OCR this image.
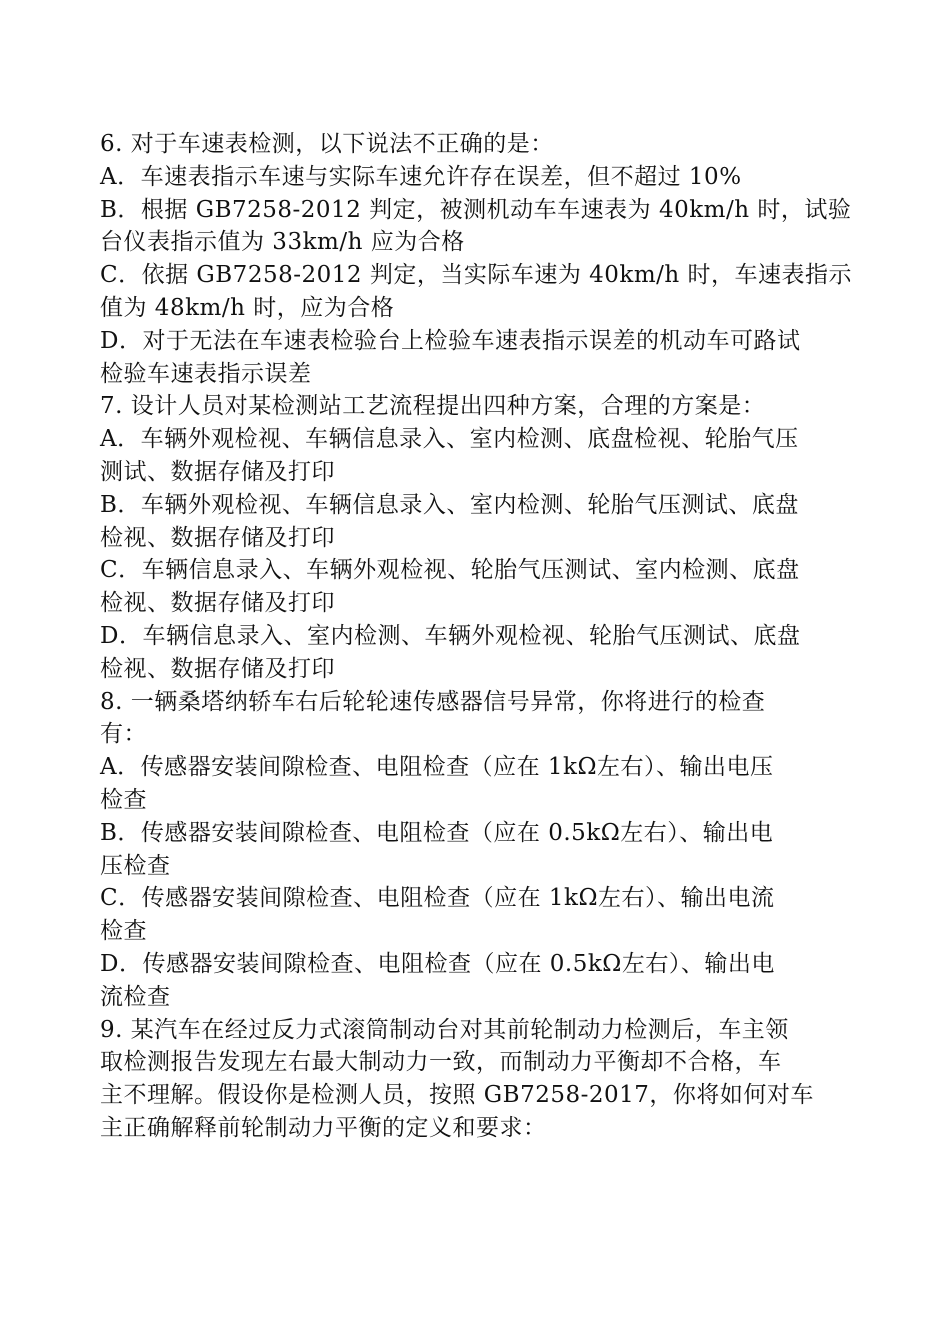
6. 对于车速表检测，以下说法不正确的是：
A．车速表指示车速与实际车速允许存在误差，但不超过 10%
B．根据 GB7258-2012 判定，被测机动车车速表为 40km/h 时，试验
台仪表指示值为 33km/h 应为合格
C．依据 GB7258-2012 判定，当实际车速为 40km/h 时，车速表指示
值为 48km/h 时，应为合格
D．对于无法在车速表检验台上检验车速表指示误差的机动车可路试
检验车速表指示误差
7. 设计人员对某检测站工艺流程提出四种方案，合理的方案是：
A．车辆外观检视、车辆信息录入、室内检测、底盘检视、轮胎气压
测试、数据存储及打印
B．车辆外观检视、车辆信息录入、室内检测、轮胎气压测试、底盘
检视、数据存储及打印
C．车辆信息录入、车辆外观检视、轮胎气压测试、室内检测、底盘
检视、数据存储及打印
D．车辆信息录入、室内检测、车辆外观检视、轮胎气压测试、底盘
检视、数据存储及打印
8. 一辆桑塔纳轿车右后轮轮速传感器信号异常，你将进行的检查
有：
A．传感器安装间隙检查、电阻检查（应在 1kΩ左右）、输出电压
检查
B．传感器安装间隙检查、电阻检查（应在 0.5kΩ左右）、输出电
压检查
C．传感器安装间隙检查、电阻检查（应在 1kΩ左右）、输出电流
检查
D．传感器安装间隙检查、电阻检查（应在 0.5kΩ左右）、输出电
流检查
9. 某汽车在经过反力式滚筒制动台对其前轮制动力检测后，车主领
取检测报告发现左右最大制动力一致，而制动力平衡却不合格，车
主不理解。假设你是检测人员，按照 GB7258-2017，你将如何对车
主正确解释前轮制动力平衡的定义和要求：
